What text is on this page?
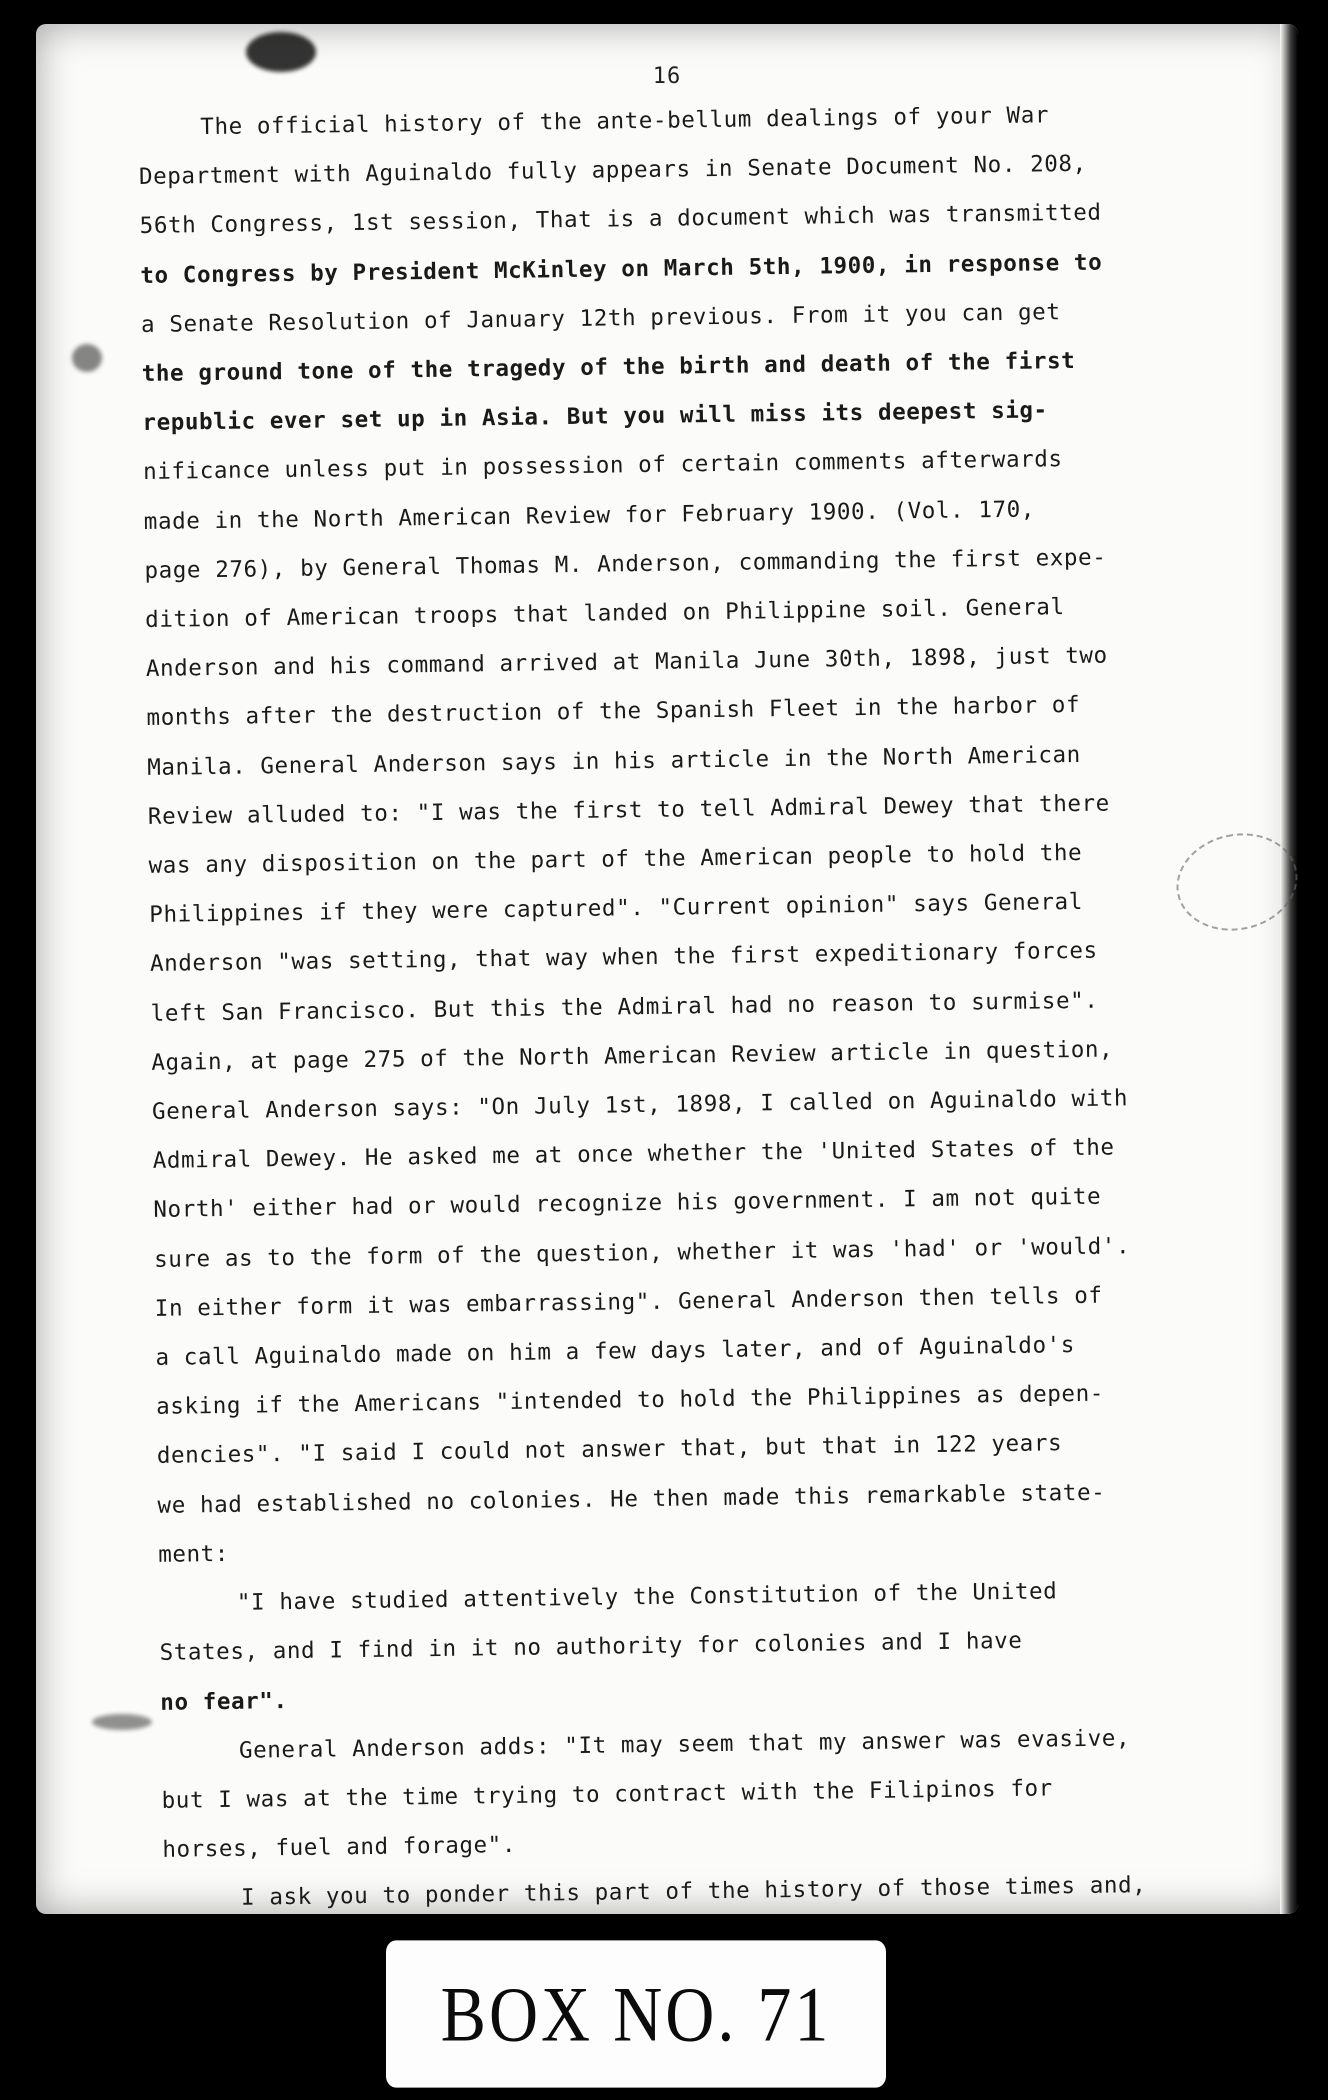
16
The official history of the ante-bellum dealings of your War
Department with Aguinaldo fully appears in Senate Document No. 208,
56th Congress, 1st session, That is a document which was transmitted
to Congress by President McKinley on March 5th, 1900, in response to
a Senate Resolution of January 12th previous. From it you can get
the ground tone of the tragedy of the birth and death of the first
republic ever set up in Asia. But you will miss its deepest sig-
nificance unless put in possession of certain comments afterwards
made in the North American Review for February 1900. (Vol. 170,
page 276), by General Thomas M. Anderson, commanding the first expe-
dition of American troops that landed on Philippine soil. General
Anderson and his command arrived at Manila June 30th, 1898, just two
months after the destruction of the Spanish Fleet in the harbor of
Manila. General Anderson says in his article in the North American
Review alluded to: "I was the first to tell Admiral Dewey that there
was any disposition on the part of the American people to hold the
Philippines if they were captured". "Current opinion" says General
Anderson "was setting, that way when the first expeditionary forces
left San Francisco. But this the Admiral had no reason to surmise".
Again, at page 275 of the North American Review article in question,
General Anderson says: "On July 1st, 1898, I called on Aguinaldo with
Admiral Dewey. He asked me at once whether the 'United States of the
North' either had or would recognize his government. I am not quite
sure as to the form of the question, whether it was 'had' or 'would'.
In either form it was embarrassing". General Anderson then tells of
a call Aguinaldo made on him a few days later, and of Aguinaldo's
asking if the Americans "intended to hold the Philippines as depen-
dencies". "I said I could not answer that, but that in 122 years
we had established no colonies. He then made this remarkable state-
ment:
"I have studied attentively the Constitution of the United
States, and I find in it no authority for colonies and I have
no fear".
General Anderson adds: "It may seem that my answer was evasive,
but I was at the time trying to contract with the Filipinos for
horses, fuel and forage".
I ask you to ponder this part of the history of those times and,
BOX NO. 71
